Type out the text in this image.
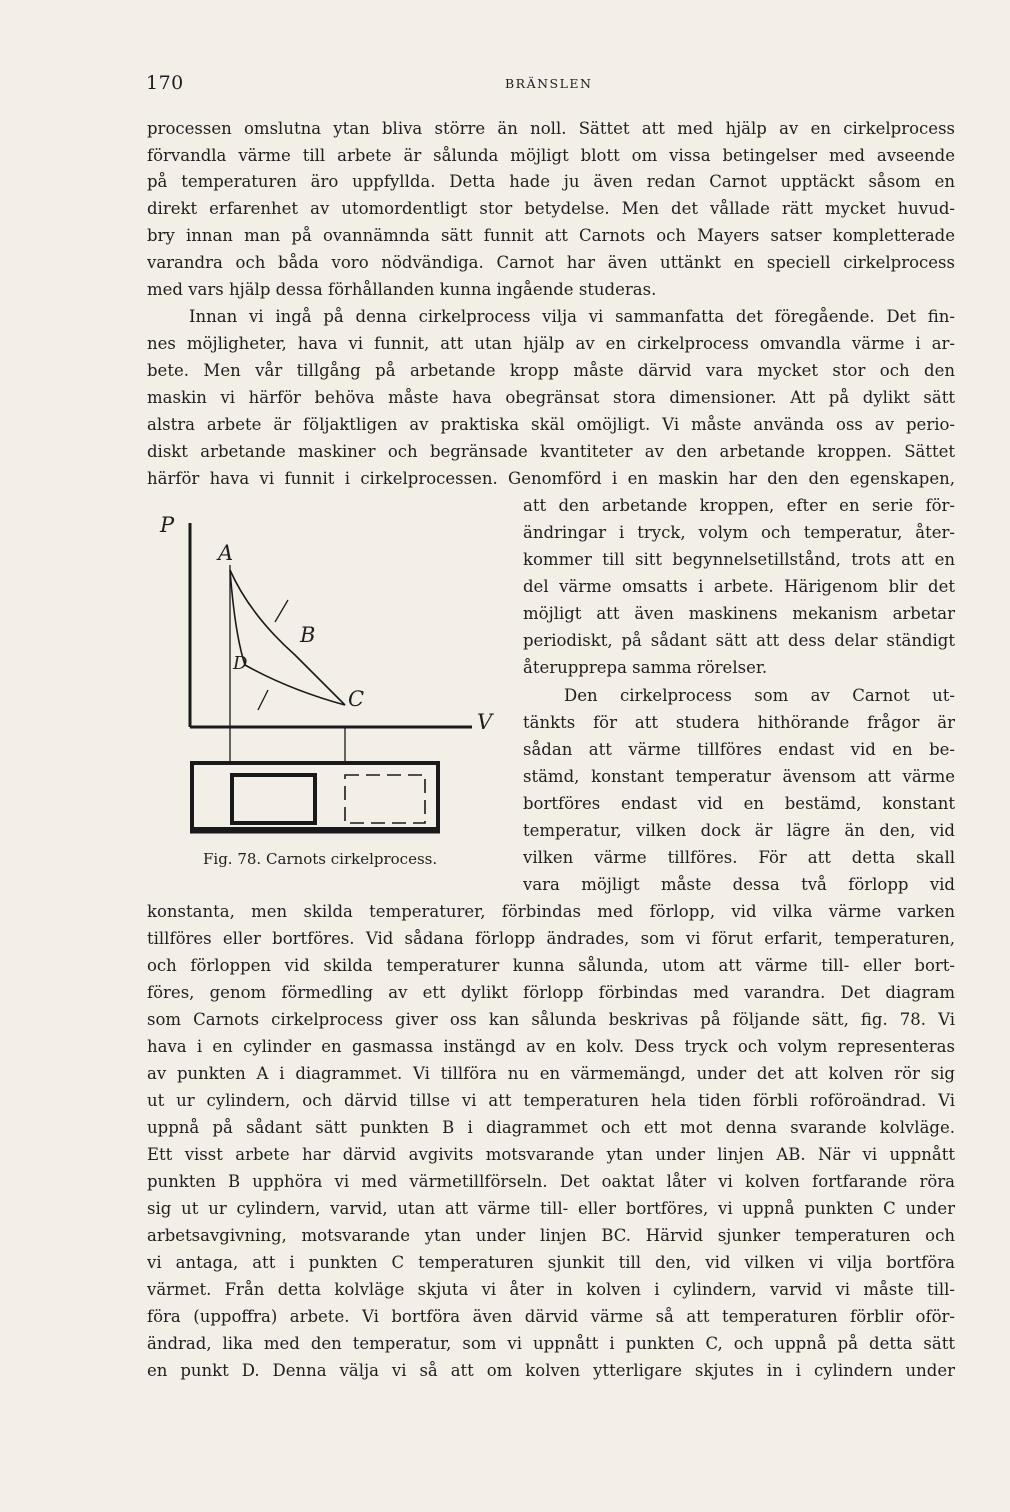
170	BRÄNSLEN
processen omslutna ytan bliva större än noll. Sättet att med hjälp av en cirkelprocess
förvandla värme till arbete är sålunda möjligt blott om vissa betingelser med avseende
på temperaturen äro uppfyllda. Detta hade ju även redan Carnot upptäckt såsom en
direkt erfarenhet av utomordentligt stor betydelse. Men det vållade rätt mycket huvud-
bry innan man på ovannämnda sätt funnit att Carnots och Mayers satser kompletterade
varandra och båda voro nödvändiga. Carnot har även uttänkt en speciell cirkelprocess
med vars hjälp dessa förhållanden kunna ingående studeras.
Innan vi ingå på denna cirkelprocess vilja vi sammanfatta det föregående. Det fin-
nes möjligheter, hava vi funnit, att utan hjälp av en cirkelprocess omvandla värme i ar-
bete. Men vår tillgång på arbetande kropp måste därvid vara mycket stor och den
maskin vi härför behöva måste hava obegränsat stora dimensioner. Att på dylikt sätt
alstra arbete är följaktligen av praktiska skäl omöjligt. Vi måste använda oss av perio-
diskt arbetande maskiner och begränsade kvantiteter av den arbetande kroppen. Sättet
härför hava vi funnit i cirkelprocessen. Genomförd i en maskin har den den egenskapen,
att den arbetande kroppen, efter en serie för-
ändringar i tryck, volym och temperatur, åter-
kommer till sitt begynnelsetillstånd, trots att en
del värme omsatts i arbete. Härigenom blir det
möjligt att även maskinens mekanism arbetar
periodiskt, på sådant sätt att dess delar ständigt
återupprepa samma rörelser.
Den cirkelprocess som av Carnot ut-
tänkts för att studera hithörande frågor är
sådan att värme tillföres endast vid en be-
stämd, konstant temperatur ävensom att värme
bortföres endast vid en bestämd, konstant
temperatur, vilken dock är lägre än den, vid
vilken värme tillföres. För att detta skall
vara möjligt måste dessa två förlopp vid
konstanta, men skilda temperaturer, förbindas med förlopp, vid vilka värme varken
tillföres eller bortföres. Vid sådana förlopp ändrades, som vi förut erfarit, temperaturen,
och förloppen vid skilda temperaturer kunna sålunda, utom att värme till- eller bort-
föres, genom förmedling av ett dylikt förlopp förbindas med varandra. Det diagram
som Carnots cirkelprocess giver oss kan sålunda beskrivas på följande sätt, fig. 78. Vi
hava i en cylinder en gasmassa instängd av en kolv. Dess tryck och volym representeras
av punkten A i diagrammet. Vi tillföra nu en värmemängd, under det att kolven rör sig
ut ur cylindern, och därvid tillse vi att temperaturen hela tiden förbli roföroändrad. Vi
uppnå på sådant sätt punkten B i diagrammet och ett mot denna svarande kolvläge.
Ett visst arbete har därvid avgivits motsvarande ytan under linjen AB. När vi uppnått
punkten B upphöra vi med värmetillförseln. Det oaktat låter vi kolven fortfarande röra
sig ut ur cylindern, varvid, utan att värme till- eller bortföres, vi uppnå punkten C under
arbetsavgivning, motsvarande ytan under linjen BC. Härvid sjunker temperaturen och
vi antaga, att i punkten C temperaturen sjunkit till den, vid vilken vi vilja bortföra
värmet. Från detta kolvläge skjuta vi åter in kolven i cylindern, varvid vi måste till-
föra (uppoffra) arbete. Vi bortföra även därvid värme så att temperaturen förblir oför-
ändrad, lika med den temperatur, som vi uppnått i punkten C, och uppnå på detta sätt
en punkt D. Denna välja vi så att om kolven ytterligare skjutes in i cylindern under
P
V
A
B
C
D
Fig. 78. Carnots cirkelprocess.
